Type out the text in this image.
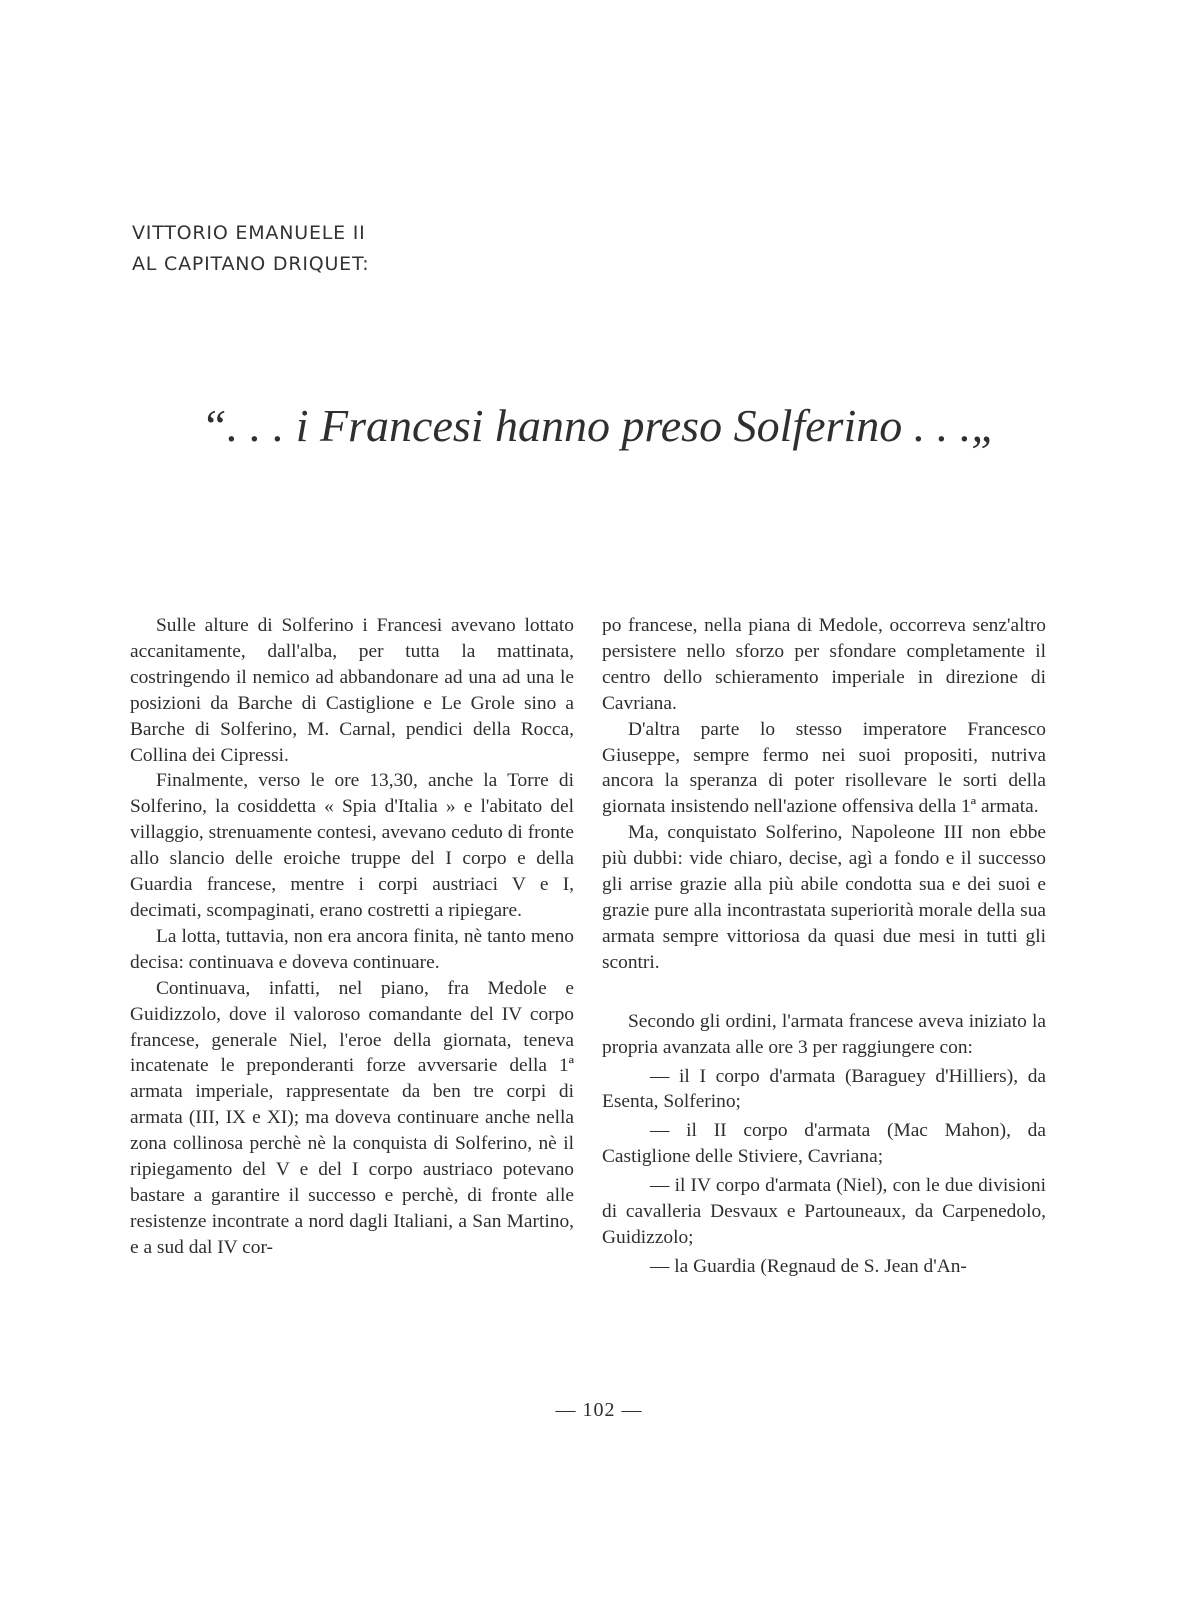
VITTORIO EMANUELE II
AL CAPITANO DRIQUET:
“. . . i Francesi hanno preso Solferino . . .„

Sulle alture di Solferino i Francesi avevano lottato accanitamente, dall'alba, per tutta la mattinata, costringendo il nemico ad abbandonare ad una ad una le posizioni da Barche di Castiglione e Le Grole sino a Barche di Solferino, M. Carnal, pendici della Rocca, Collina dei Cipressi.

Finalmente, verso le ore 13,30, anche la Torre di Solferino, la cosiddetta « Spia d'Italia » e l'abitato del villaggio, strenuamente contesi, avevano ceduto di fronte allo slancio delle eroiche truppe del I corpo e della Guardia francese, mentre i corpi austriaci V e I, decimati, scompaginati, erano costretti a ripiegare.

La lotta, tuttavia, non era ancora finita, nè tanto meno decisa: continuava e doveva continuare.

Continuava, infatti, nel piano, fra Medole e Guidizzolo, dove il valoroso comandante del IV corpo francese, generale Niel, l'eroe della giornata, teneva incatenate le preponderanti forze avversarie della 1ª armata imperiale, rappresentate da ben tre corpi di armata (III, IX e XI); ma doveva continuare anche nella zona collinosa perchè nè la conquista di Solferino, nè il ripiegamento del V e del I corpo austriaco potevano bastare a garantire il successo e perchè, di fronte alle resistenze incontrate a nord dagli Italiani, a San Martino, e a sud dal IV cor-

po francese, nella piana di Medole, occorreva senz'altro persistere nello sforzo per sfondare completamente il centro dello schieramento imperiale in direzione di Cavriana.

D'altra parte lo stesso imperatore Francesco Giuseppe, sempre fermo nei suoi propositi, nutriva ancora la speranza di poter risollevare le sorti della giornata insistendo nell'azione offensiva della 1ª armata.

Ma, conquistato Solferino, Napoleone III non ebbe più dubbi: vide chiaro, decise, agì a fondo e il successo gli arrise grazie alla più abile condotta sua e dei suoi e grazie pure alla incontrastata superiorità morale della sua armata sempre vittoriosa da quasi due mesi in tutti gli scontri.

Secondo gli ordini, l'armata francese aveva iniziato la propria avanzata alle ore 3 per raggiungere con:

— il I corpo d'armata (Baraguey d'Hilliers), da Esenta, Solferino;

— il II corpo d'armata (Mac Mahon), da Castiglione delle Stiviere, Cavriana;

— il IV corpo d'armata (Niel), con le due divisioni di cavalleria Desvaux e Partouneaux, da Carpenedolo, Guidizzolo;

— la Guardia (Regnaud de S. Jean d'An-

— 102 —
